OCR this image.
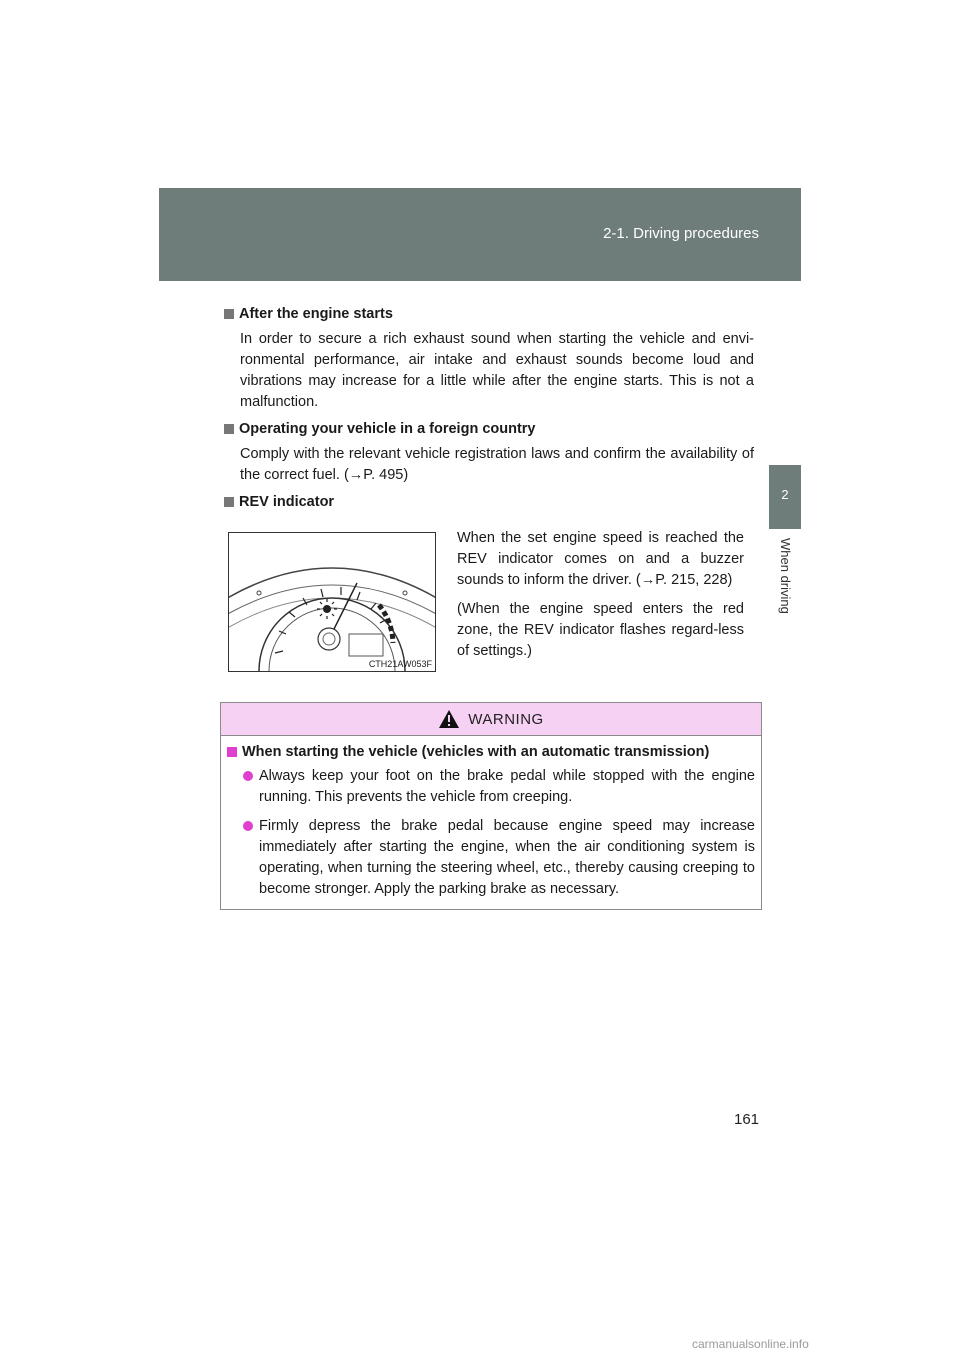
2-1. Driving procedures
2
When driving
After the engine starts
In order to secure a rich exhaust sound when starting the vehicle and envi-ronmental performance, air intake and exhaust sounds become loud and vibrations may increase for a little while after the engine starts. This is not a malfunction.
Operating your vehicle in a foreign country
Comply with the relevant vehicle registration laws and confirm the availability of the correct fuel. (→P. 495)
REV indicator
CTH21AW053F
When the set engine speed is reached the REV indicator comes on and a buzzer sounds to inform the driver. (→P. 215, 228)
(When the engine speed enters the red zone, the REV indicator flashes regard-less of settings.)
WARNING
When starting the vehicle (vehicles with an automatic transmission)
Always keep your foot on the brake pedal while stopped with the engine running. This prevents the vehicle from creeping.
Firmly depress the brake pedal because engine speed may increase immediately after starting the engine, when the air conditioning system is operating, when turning the steering wheel, etc., thereby causing creeping to become stronger. Apply the parking brake as necessary.
161
carmanualsonline.info
